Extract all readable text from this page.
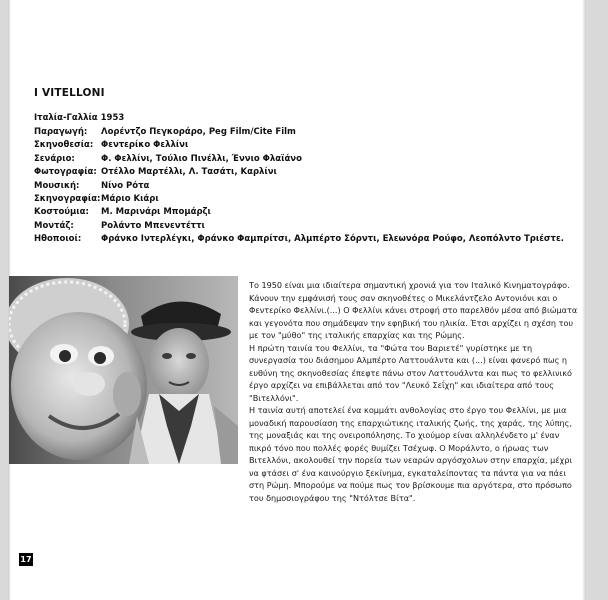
I VITELLONI
Ιταλία-Γαλλία 1953
Παραγωγή:	Λορέντζο Πεγκοράρο, Peg Film/Cite Film
Σκηνοθεσία: Φεντερίκο Φελλίνι
Σενάριο:	Φ. Φελλίνι, Τούλιο Πινέλλι, Έννιο Φλαϊάνο
Φωτογραφία: Οτέλλο Μαρτέλλι, Λ. Τασάτι, Καρλίνι
Μουσική:	Νίνο Ρότα
Σκηνογραφία: Μάριο Κιάρι
Κοστούμια:	Μ. Μαρινάρι Μπομάρζι
Μοντάζ:	Ρολάντο Μπενεντέττι
Ηθοποιοί:	Φράνκο Ιντερλέγκι, Φράνκο Φαμπρίτσι, Αλμπέρτο Σόρντι, Ελεωνόρα Ρούφο, Λεοπόλντο Τριέστε.

Το 1950 είναι μια ιδιαίτερα σημαντική χρονιά για τον Ιταλικό Κινηματογράφο. Κάνουν την εμφάνισή τους σαν σκηνοθέτες ο Μικελάντζελο Αντονιόνι και ο Φεντερίκο Φελλίνι.(...) Ο Φελλίνι κάνει στροφή στο παρελθόν μέσα από βιώματα και γεγονότα που σημάδεψαν την εφηβική του ηλικία. Έτσι αρχίζει η σχέση του με τον "μύθο" της ιταλικής επαρχίας και της Ρώμης.

Η πρώτη ταινία του Φελλίνι, τα "Φώτα του Βαριετέ" γυρίστηκε με τη συνεργασία του διάσημου Αλμπέρτο Λαττουάλντα και (...) είναι φανερό πως η ευθύνη της σκηνοθεσίας έπεφτε πάνω στον Λαττουάλντα και πως το φελλινικό έργο αρχίζει να επιβάλλεται από τον "Λευκό Σεΐχη" και ιδιαίτερα από τους "Βιτελλόνι".

Η ταινία αυτή αποτελεί ένα κομμάτι ανθολογίας στο έργο του Φελλίνι, με μια μοναδική παρουσίαση της επαρχιώτικης ιταλικής ζωής, της χαράς, της λύπης, της μοναξιάς και της ονειροπόλησης. Το χιούμορ είναι αλληλένδετο μ' έναν πικρό τόνο που πολλές φορές θυμίζει Τσέχωφ. Ο Μοράλντο, ο ήρωας των Βιτελλόνι, ακολουθεί την πορεία των νεαρών αργόσχολων στην επαρχία, μέχρι να φτάσει σ' ένα καινούργιο ξεκίνημα, εγκαταλείποντας τα πάντα για να πάει στη Ρώμη. Μπορούμε να πούμε πως τον βρίσκουμε πια αργότερα, στο πρόσωπο του δημοσιογράφου της "Ντόλτσε Βίτα".

17
